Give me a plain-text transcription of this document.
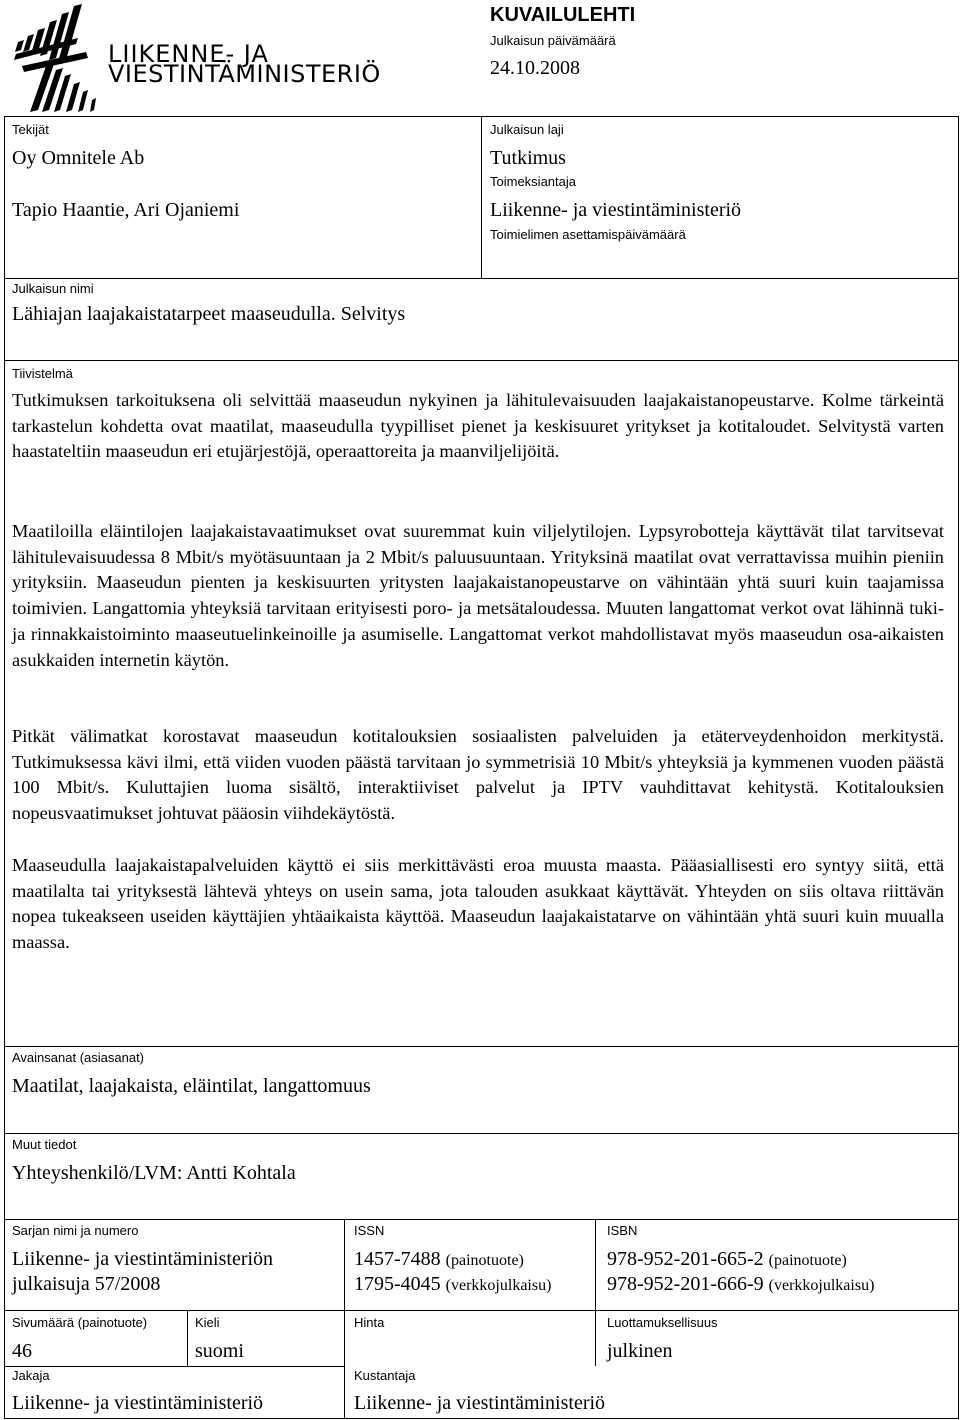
LIIKENNE- JA
VIESTINTÄMINISTERIÖ
KUVAILULEHTI
Julkaisun päivämäärä
24.10.2008
Tekijät
Oy Omnitele Ab
Tapio Haantie, Ari Ojaniemi
Julkaisun laji
Tutkimus
Toimeksiantaja
Liikenne- ja viestintäministeriö
Toimielimen asettamispäivämäärä
Julkaisun nimi
Lähiajan laajakaistatarpeet maaseudulla. Selvitys
Tiivistelmä
Tutkimuksen tarkoituksena oli selvittää maaseudun nykyinen ja lähitulevaisuuden laajakaistanopeustarve. Kolme tärkeintä tarkastelun kohdetta ovat maatilat, maaseudulla tyypilliset pienet ja keskisuuret yritykset ja kotitaloudet. Selvitystä varten haastateltiin maaseudun eri etujärjestöjä, operaattoreita ja maanviljelijöitä.
Maatiloilla eläintilojen laajakaistavaatimukset ovat suuremmat kuin viljelytilojen. Lypsyrobotteja käyttävät tilat tarvitsevat lähitulevaisuudessa 8 Mbit/s myötäsuuntaan ja 2 Mbit/s paluusuuntaan. Yrityksinä maatilat ovat verrattavissa muihin pieniin yrityksiin. Maaseudun pienten ja keskisuurten yritysten laajakaistanopeustarve on vähintään yhtä suuri kuin taajamissa toimivien. Langattomia yhteyksiä tarvitaan erityisesti poro- ja metsätaloudessa. Muuten langattomat verkot ovat lähinnä tuki- ja rinnakkaistoiminto maaseutuelinkeinoille ja asumiselle. Langattomat verkot mahdollistavat myös maaseudun osa-aikaisten asukkaiden internetin käytön.
Pitkät välimatkat korostavat maaseudun kotitalouksien sosiaalisten palveluiden ja etäterveydenhoidon merkitystä. Tutkimuksessa kävi ilmi, että viiden vuoden päästä tarvitaan jo symmetrisiä 10 Mbit/s yhteyksiä ja kymmenen vuoden päästä 100 Mbit/s. Kuluttajien luoma sisältö, interaktiiviset palvelut ja IPTV vauhdittavat kehitystä. Kotitalouksien nopeusvaatimukset johtuvat pääosin viihdekäytöstä.
Maaseudulla laajakaistapalveluiden käyttö ei siis merkittävästi eroa muusta maasta. Pääasiallisesti ero syntyy siitä, että maatilalta tai yrityksestä lähtevä yhteys on usein sama, jota talouden asukkaat käyttävät. Yhteyden on siis oltava riittävän nopea tukeakseen useiden käyttäjien yhtäaikaista käyttöä. Maaseudun laajakaistatarve on vähintään yhtä suuri kuin muualla maassa.
Avainsanat (asiasanat)
Maatilat, laajakaista, eläintilat, langattomuus
Muut tiedot
Yhteyshenkilö/LVM: Antti Kohtala
Sarjan nimi ja numero
Liikenne- ja viestintäministeriön
julkaisuja 57/2008
ISSN
1457-7488 (painotuote)
1795-4045 (verkkojulkaisu)
ISBN
978-952-201-665-2 (painotuote)
978-952-201-666-9 (verkkojulkaisu)
Sivumäärä (painotuote)
46
Kieli
suomi
Hinta	Luottamuksellisuus
julkinen
Jakaja
Liikenne- ja viestintäministeriö
Kustantaja
Liikenne- ja viestintäministeriö
